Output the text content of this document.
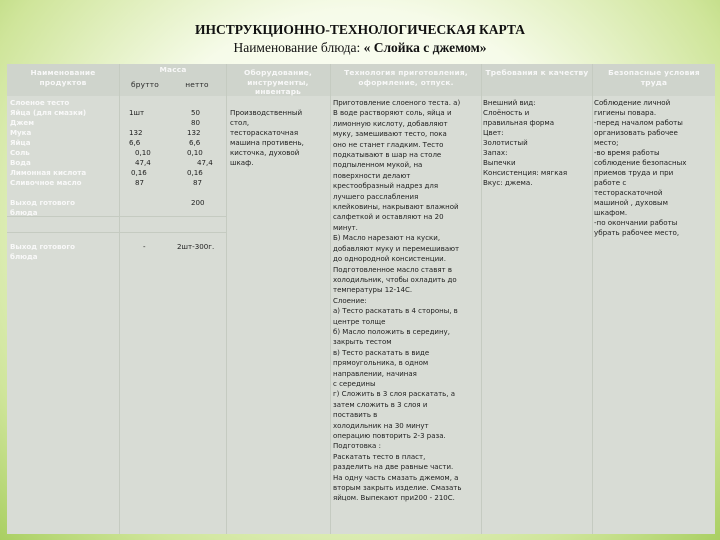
ИНСТРУКЦИОННО-ТЕХНОЛОГИЧЕСКАЯ КАРТА
Наименование блюда: « Слойка с джемом»
Наименование
продуктов
Масса
брутто	нетто
Оборудование,
инструменты,
инвентарь
Технология приготовления,
оформление, отпуск.
Требования к качеству	Безопасные условия
труда
Слоеное тесто
Яйца (для смазки)
Джем
Мука
Яйца
Соль
Вода
Лимонная кислота
Сливочное масло
Выход готового
блюда
Выход готового
блюда
1шт
132
6,6
0,10
47,4
0,16
87
-
50
80
132
6,6
0,10
47,4
0,16
87
200
2шт-300г.
Производственный
стол,
тестораскаточная
машина противень,
кисточка, духовой
шкаф.
Приготовление слоеного теста. а)
В воде растворяют соль, яйца и
лимонную кислоту, добавляют
муку, замешивают тесто, пока
оно не станет гладким. Тесто
подкатывают в шар на столе
подпыленном мукой, на
поверхности делают
крестообразный надрез для
лучшего расслабления
клейковины, накрывают влажной
салфеткой и оставляют на 20
минут.
Б) Масло нарезают на куски,
добавляют муку и перемешивают
до однородной консистенции.
Подготовленное масло ставят в
холодильник, чтобы охладить до
температуры 12-14С.
Слоение:
а) Тесто раскатать в 4 стороны, в
центре толще
б) Масло положить в середину,
закрыть тестом
в) Тесто раскатать в виде
прямоугольника, в одном
направлении, начиная
с середины
г) Сложить в 3 слоя раскатать, а
затем сложить в 3 слоя и
поставить в
холодильник на 30 минут
операцию повторить 2-3 раза.
Подготовка :
Раскатать тесто в пласт,
разделить на две равные части.
На одну часть смазать джемом, а
вторым закрыть изделие. Смазать
яйцом. Выпекают при200 - 210С.
Внешний вид:
Слоёность и
правильная форма
Цвет:
Золотистый
Запах:
Выпечки
Консистенция: мягкая
Вкус: джема.
Соблюдение личной
гигиены повара.
-перед началом работы
организовать рабочее
место;
-во время работы
соблюдение безопасных
приемов труда и при
работе с
тестораскаточной
машиной , духовым
шкафом.
-по окончании работы
убрать рабочее место,
